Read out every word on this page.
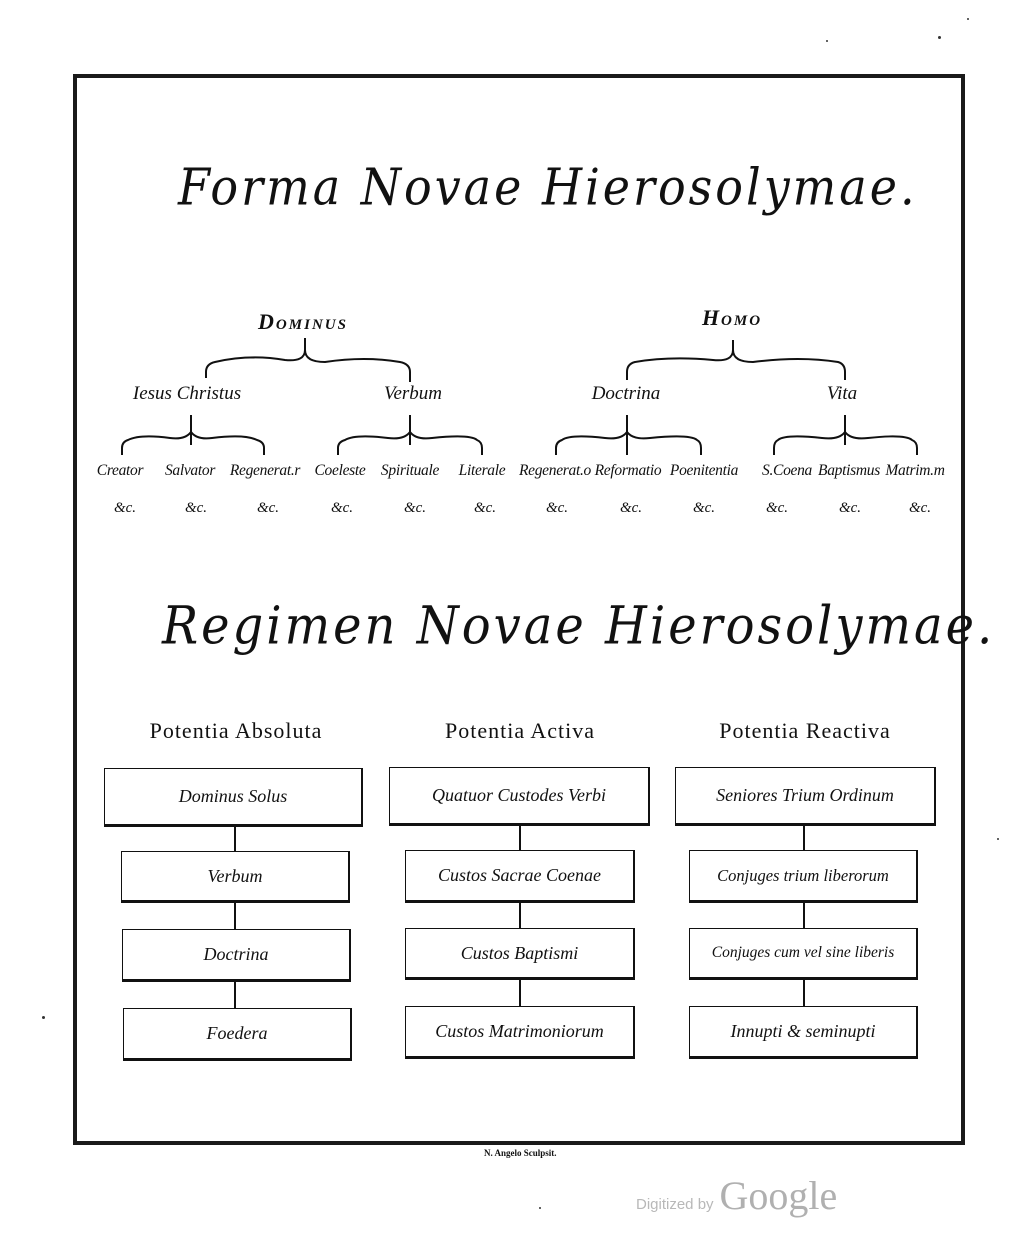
Forma Novae Hierosolymae.
Dominus	Homo
Iesus Christus	Verbum	Doctrina	Vita
Creator Salvator Regenerat.r Coeleste Spirituale Literale Regenerat.o Reformatio Poenitentia S.Coena Baptismus Matrim.m
&c.	&c.	&c.	&c.	&c.	&c.	&c.	&c.	&c.	&c.	&c.	&c.
Regimen Novae Hierosolymae.
Potentia Absoluta	Potentia Activa	Potentia Reactiva
Dominus Solus
Verbum
Doctrina
Foedera
Quatuor Custodes Verbi
Custos Sacrae Coenae
Custos Baptismi
Custos Matrimoniorum
Seniores Trium Ordinum
Conjuges trium liberorum
Conjuges cum vel sine liberis
Innupti & seminupti
N. Angelo Sculpsit.
Digitized by Google
